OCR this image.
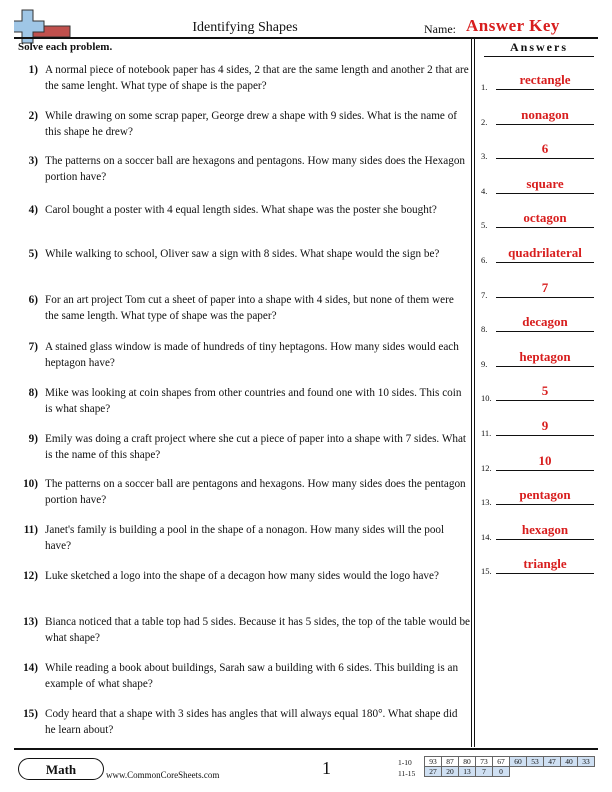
Identifying Shapes	Name: Answer Key
Solve each problem.	Answers
1) A normal piece of notebook paper has 4 sides, 2 that are the same length and another 2 that are the same lenght. What type of shape is the paper?
2) While drawing on some scrap paper, George drew a shape with 9 sides. What is the name of this shape he drew?
3) The patterns on a soccer ball are hexagons and pentagons. How many sides does the Hexagon portion have?
4) Carol bought a poster with 4 equal length sides. What shape was the poster she bought?
5) While walking to school, Oliver saw a sign with 8 sides. What shape would the sign be?
6) For an art project Tom cut a sheet of paper into a shape with 4 sides, but none of them were the same length. What type of shape was the paper?
7) A stained glass window is made of hundreds of tiny heptagons. How many sides would each heptagon have?
8) Mike was looking at coin shapes from other countries and found one with 10 sides. This coin is what shape?
9) Emily was doing a craft project where she cut a piece of paper into a shape with 7 sides. What is the name of this shape?
10) The patterns on a soccer ball are pentagons and hexagons. How many sides does the pentagon portion have?
11) Janet's family is building a pool in the shape of a nonagon. How many sides will the pool have?
12) Luke sketched a logo into the shape of a decagon how many sides would the logo have?
13) Bianca noticed that a table top had 5 sides. Because it has 5 sides, the top of the table would be what shape?
14) While reading a book about buildings, Sarah saw a building with 6 sides. This building is an example of what shape?
15) Cody heard that a shape with 3 sides has angles that will always equal 180°. What shape did he learn about?
1.	rectangle
2.	nonagon
3.	6
4.	square
5.	octagon
6.	quadrilateral
7.	7
8.	decagon
9.	heptagon
10.	5
11.	9
12.	10
13.	pentagon
14.	hexagon
15.	triangle
Math	www.CommonCoreSheets.com	1	1-10
11-15
93	87	80	73	67	60	53	47	40	33
27	20	13	7	0					
